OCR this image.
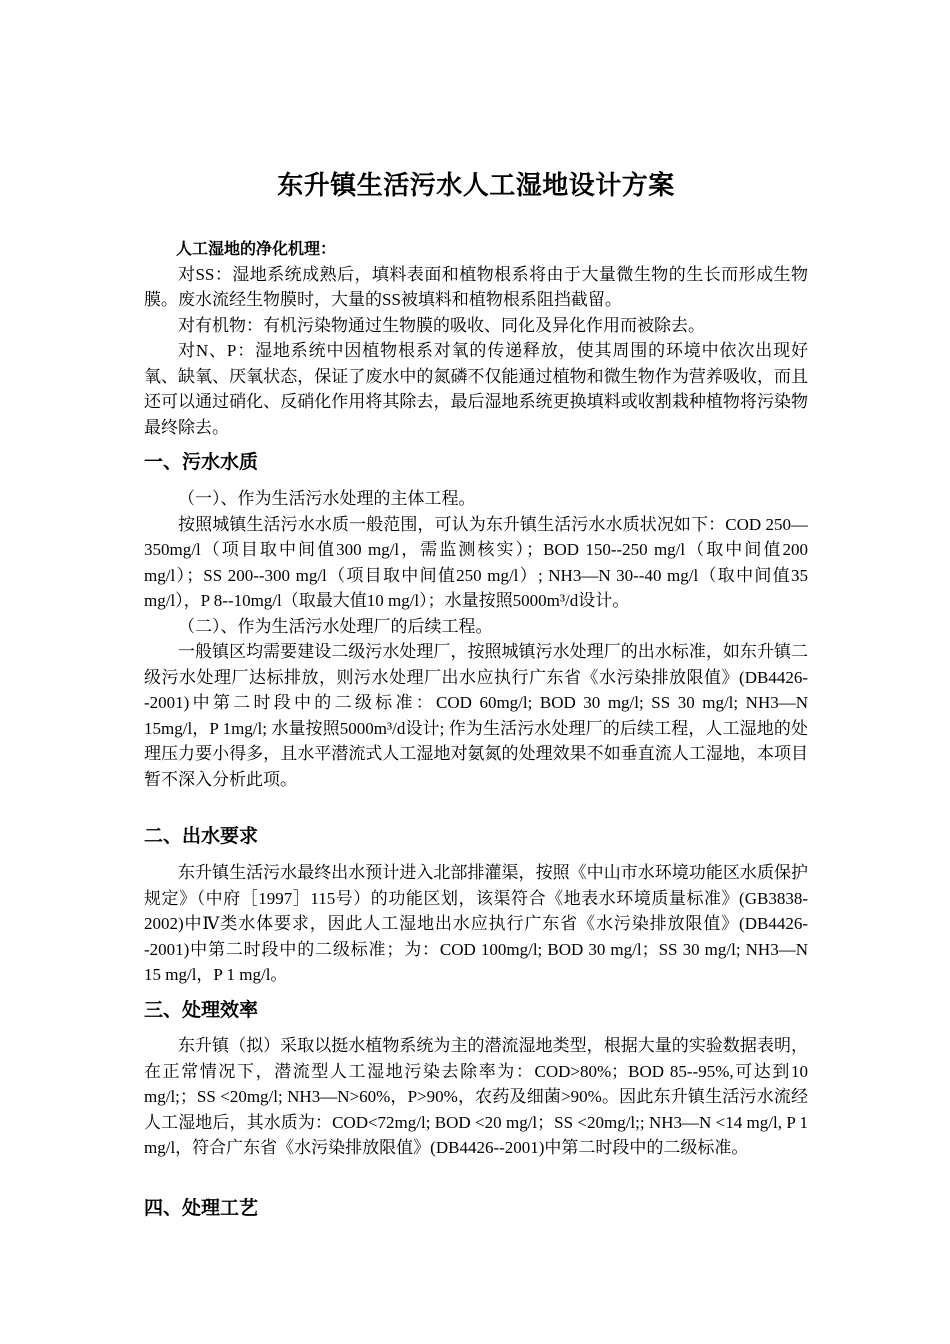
东升镇生活污水人工湿地设计方案
人工湿地的净化机理：

对SS：湿地系统成熟后，填料表面和植物根系将由于大量微生物的生长而形成生物膜。废水流经生物膜时，大量的SS被填料和植物根系阻挡截留。

对有机物：有机污染物通过生物膜的吸收、同化及异化作用而被除去。

对N、P：湿地系统中因植物根系对氧的传递释放，使其周围的环境中依次出现好氧、缺氧、厌氧状态，保证了废水中的氮磷不仅能通过植物和微生物作为营养吸收，而且还可以通过硝化、反硝化作用将其除去，最后湿地系统更换填料或收割栽种植物将污染物最终除去。

一、污水水质

（一）、作为生活污水处理的主体工程。

按照城镇生活污水水质一般范围，可认为东升镇生活污水水质状况如下：COD 250—350mg/l（项目取中间值300 mg/l，需监测核实）；BOD 150--250 mg/l（取中间值200 mg/l）；SS 200--300 mg/l（项目取中间值250 mg/l）; NH3—N 30--40 mg/l（取中间值35 mg/l），P 8--10mg/l（取最大值10 mg/l）；水量按照5000m³/d设计。

（二）、作为生活污水处理厂的后续工程。

一般镇区均需要建设二级污水处理厂，按照城镇污水处理厂的出水标准，如东升镇二级污水处理厂达标排放，则污水处理厂出水应执行广东省《水污染排放限值》(DB4426--2001)中第二时段中的二级标准：COD 60mg/l; BOD 30 mg/l; SS 30 mg/l; NH3—N 15mg/l，P 1mg/l; 水量按照5000m³/d设计; 作为生活污水处理厂的后续工程，人工湿地的处理压力要小得多，且水平潜流式人工湿地对氨氮的处理效果不如垂直流人工湿地，本项目暂不深入分析此项。

二、出水要求

东升镇生活污水最终出水预计进入北部排灌渠，按照《中山市水环境功能区水质保护规定》（中府［1997］115号）的功能区划，该渠符合《地表水环境质量标准》(GB3838-2002)中Ⅳ类水体要求，因此人工湿地出水应执行广东省《水污染排放限值》(DB4426--2001)中第二时段中的二级标准；为：COD 100mg/l; BOD 30 mg/l；SS 30 mg/l; NH3—N 15 mg/l，P 1 mg/l。

三、处理效率

东升镇（拟）采取以挺水植物系统为主的潜流湿地类型，根据大量的实验数据表明，在正常情况下，潜流型人工湿地污染去除率为：COD>80%；BOD 85--95%,可达到10 mg/l;；SS <20mg/l; NH3—N>60%，P>90%，农药及细菌>90%。因此东升镇生活污水流经人工湿地后，其水质为：COD<72mg/l; BOD <20 mg/l；SS <20mg/l;; NH3—N <14 mg/l, P 1 mg/l，符合广东省《水污染排放限值》(DB4426--2001)中第二时段中的二级标准。

四、处理工艺
